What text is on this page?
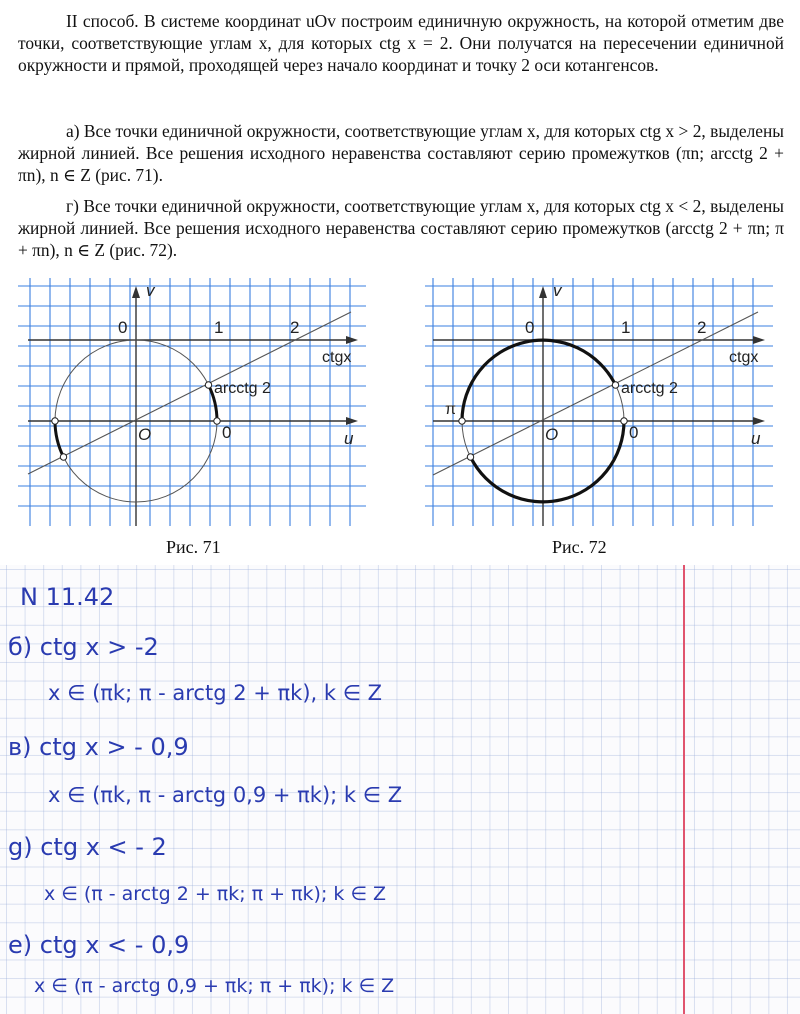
II способ. В системе координат uOv построим единичную окружность, на которой отметим две точки, соответствующие углам x, для которых ctg x = 2. Они получатся на пересечении единичной окружности и прямой, проходящей через начало координат и точку 2 оси котангенсов.

а) Все точки единичной окружности, соответствующие углам x, для которых ctg x > 2, выделены жирной линией. Все решения исходного неравенства составляют серию промежутков (πn; arcctg 2 + πn), n ∈ Z (рис. 71).

г) Все точки единичной окружности, соответствующие углам x, для которых ctg x < 2, выделены жирной линией. Все решения исходного неравенства составляют серию промежутков (arcctg 2 + πn; π + πn), n ∈ Z (рис. 72).

v
0	1	2
ctgx
arcctg 2
O	0	u
Рис. 71
v
0	1	2
ctgx
arcctg 2
O	0
π
u
Рис. 72
N 11.42
б) ctg x > -2
x ∈ (πk; π - arctg 2 + πk), k ∈ Z
в) ctg x > - 0,9
x ∈ (πk, π - arctg 0,9 + πk); k ∈ Z
g) ctg x < - 2
x ∈ (π - arctg 2 + πk; π + πk); k ∈ Z
e) ctg x < - 0,9
x ∈ (π - arctg 0,9 + πk; π + πk); k ∈ Z
